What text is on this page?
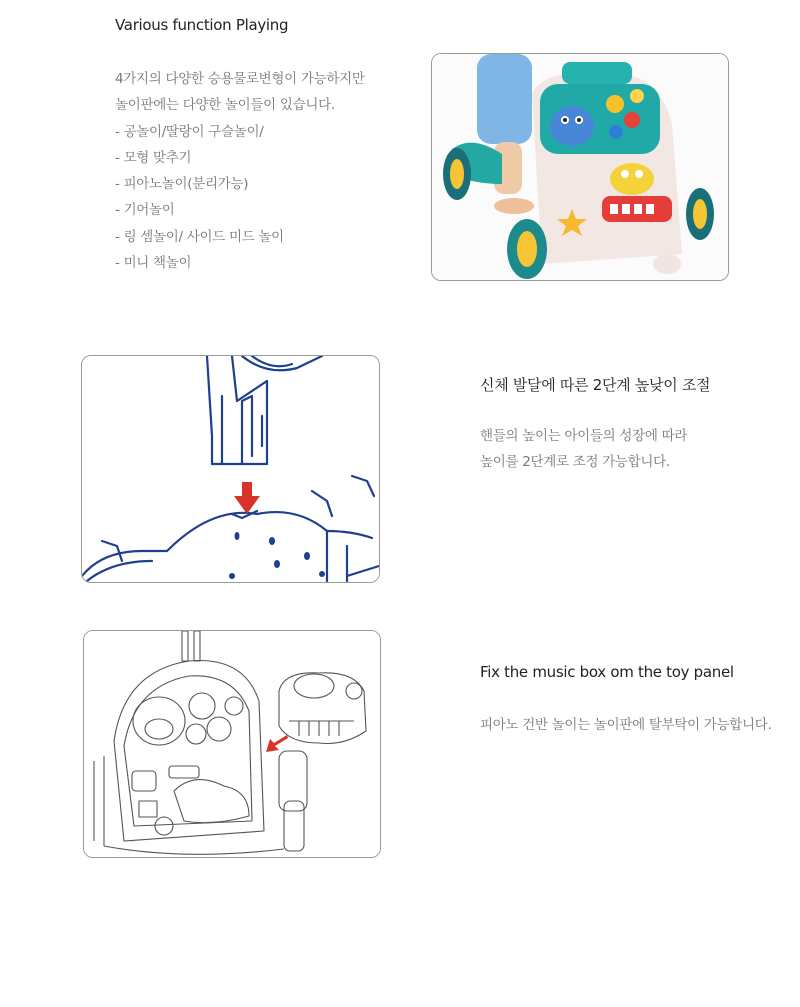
Various function Playing
4가지의 다양한 승용물로변형이 가능하지만
놀이판에는 다양한 놀이들이 있습니다.
- 공놀이/딸랑이 구슬놀이/
- 모형 맞추기
- 피아노놀이(분리가능)
- 기어놀이
- 링 셈놀이/ 사이드 미드 놀이
- 미니 책놀이
신체 발달에 따른 2단계 높낮이 조절
핸들의 높이는 아이들의 성장에 따라
높이를 2단계로 조정 가능합니다.
Fix the music box om the toy panel
피아노 건반 놀이는 놀이판에 탈부탁이 가능합니다.
